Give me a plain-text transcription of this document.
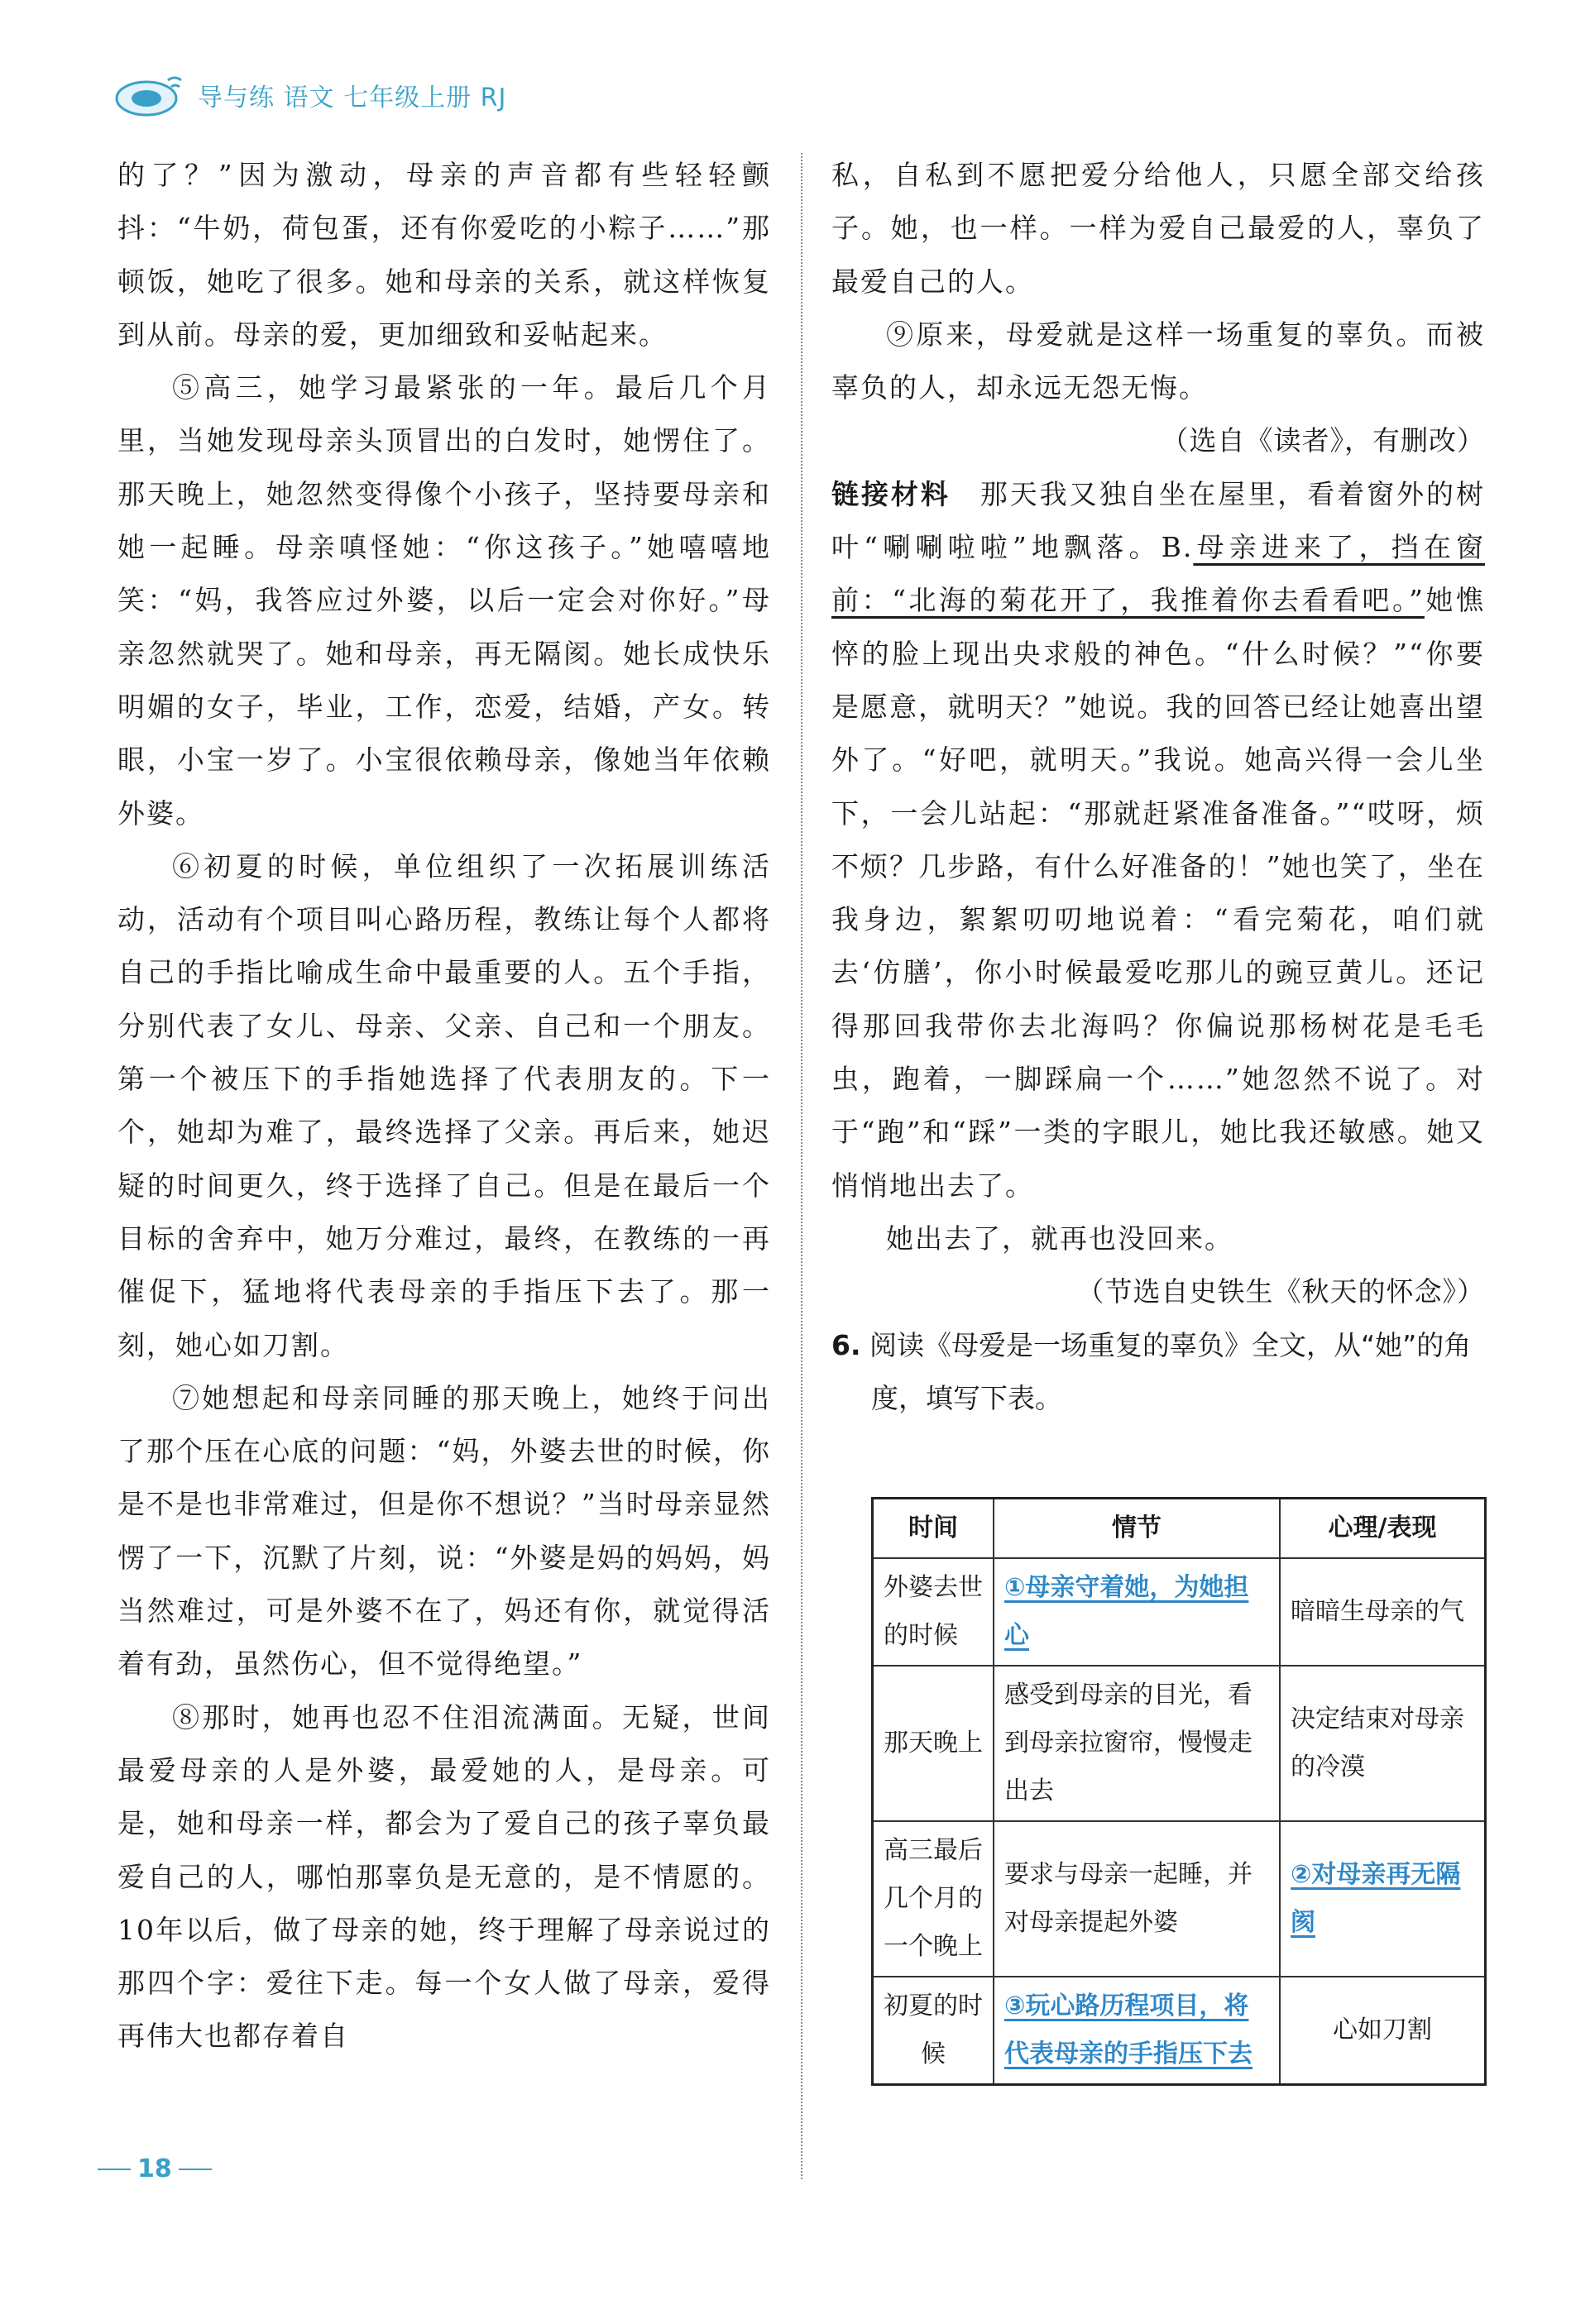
导与练 语文 七年级上册 RJ

的了？”因为激动，母亲的声音都有些轻轻颤抖：“牛奶，荷包蛋，还有你爱吃的小粽子……”那顿饭，她吃了很多。她和母亲的关系，就这样恢复到从前。母亲的爱，更加细致和妥帖起来。

⑤高三，她学习最紧张的一年。最后几个月里，当她发现母亲头顶冒出的白发时，她愣住了。那天晚上，她忽然变得像个小孩子，坚持要母亲和她一起睡。母亲嗔怪她：“你这孩子。”她嘻嘻地笑：“妈，我答应过外婆，以后一定会对你好。”母亲忽然就哭了。她和母亲，再无隔阂。她长成快乐明媚的女子，毕业，工作，恋爱，结婚，产女。转眼，小宝一岁了。小宝很依赖母亲，像她当年依赖外婆。

⑥初夏的时候，单位组织了一次拓展训练活动，活动有个项目叫心路历程，教练让每个人都将自己的手指比喻成生命中最重要的人。五个手指，分别代表了女儿、母亲、父亲、自己和一个朋友。第一个被压下的手指她选择了代表朋友的。下一个，她却为难了，最终选择了父亲。再后来，她迟疑的时间更久，终于选择了自己。但是在最后一个目标的舍弃中，她万分难过，最终，在教练的一再催促下，猛地将代表母亲的手指压下去了。那一刻，她心如刀割。

⑦她想起和母亲同睡的那天晚上，她终于问出了那个压在心底的问题：“妈，外婆去世的时候，你是不是也非常难过，但是你不想说？”当时母亲显然愣了一下，沉默了片刻，说：“外婆是妈的妈妈，妈当然难过，可是外婆不在了，妈还有你，就觉得活着有劲，虽然伤心，但不觉得绝望。”

⑧那时，她再也忍不住泪流满面。无疑，世间最爱母亲的人是外婆，最爱她的人，是母亲。可是，她和母亲一样，都会为了爱自己的孩子辜负最爱自己的人，哪怕那辜负是无意的，是不情愿的。10年以后，做了母亲的她，终于理解了母亲说过的那四个字：爱往下走。每一个女人做了母亲，爱得再伟大也都存着自

私，自私到不愿把爱分给他人，只愿全部交给孩子。她，也一样。一样为爱自己最爱的人，辜负了最爱自己的人。

⑨原来，母爱就是这样一场重复的辜负。而被辜负的人，却永远无怨无悔。

（选自《读者》，有删改）

链接材料　 那天我又独自坐在屋里，看着窗外的树叶“唰唰啦啦”地飘落。B.母亲进来了，挡在窗前：“北海的菊花开了，我推着你去看看吧。”她憔悴的脸上现出央求般的神色。“什么时候？”“你要是愿意，就明天？”她说。我的回答已经让她喜出望外了。“好吧，就明天。”我说。她高兴得一会儿坐下，一会儿站起：“那就赶紧准备准备。”“哎呀，烦不烦？几步路，有什么好准备的！”她也笑了，坐在我身边，絮絮叨叨地说着：“看完菊花，咱们就去‘仿膳’，你小时候最爱吃那儿的豌豆黄儿。还记得那回我带你去北海吗？你偏说那杨树花是毛毛虫，跑着，一脚踩扁一个……”她忽然不说了。对于“跑”和“踩”一类的字眼儿，她比我还敏感。她又悄悄地出去了。

她出去了，就再也没回来。

（节选自史铁生《秋天的怀念》）

6. 阅读《母爱是一场重复的辜负》全文，从“她”的角度，填写下表。

时间	情节	心理/表现
外婆去世的时候	①母亲守着她，为她担心	暗暗生母亲的气
那天晚上	感受到母亲的目光，看到母亲拉窗帘，慢慢走出去	决定结束对母亲的冷漠
高三最后几个月的一个晚上	要求与母亲一起睡，并对母亲提起外婆	②对母亲再无隔阂
初夏的时候	③玩心路历程项目，将代表母亲的手指压下去	心如刀割
18
